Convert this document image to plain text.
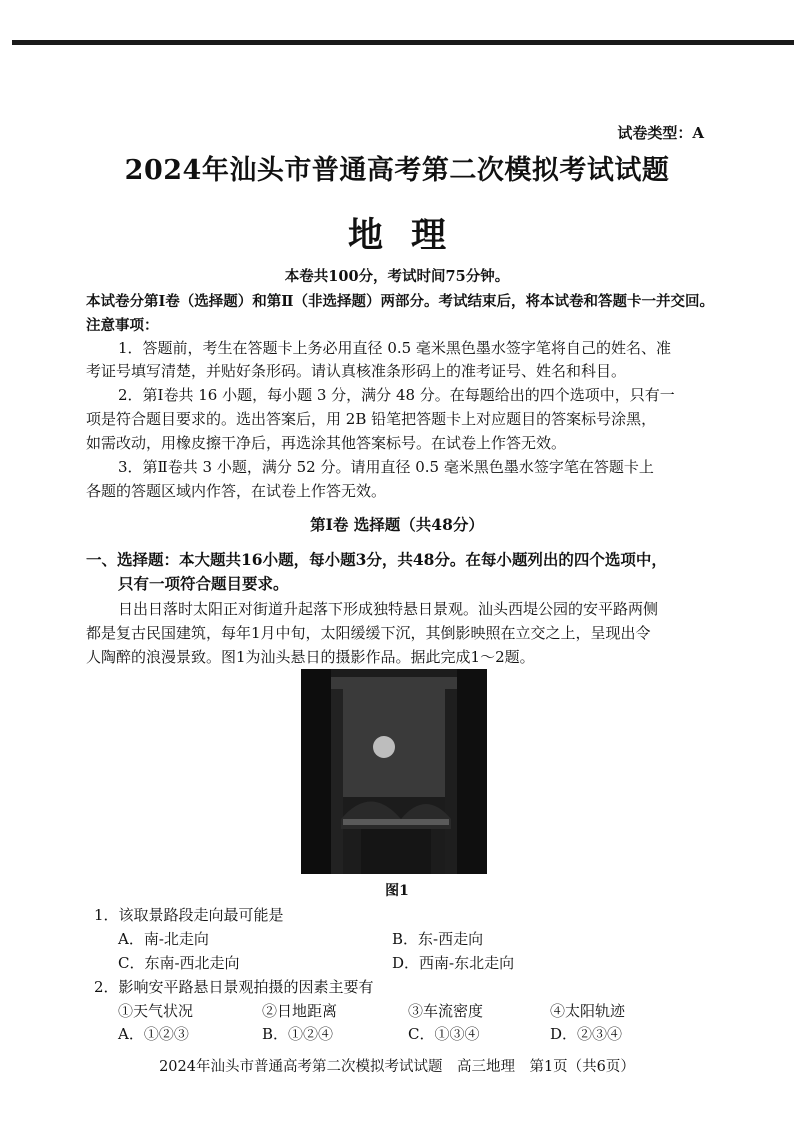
试卷类型：A
2024年汕头市普通高考第二次模拟考试试题
地理
本卷共100分，考试时间75分钟。
本试卷分第Ⅰ卷（选择题）和第Ⅱ（非选择题）两部分。考试结束后，将本试卷和答题卡一并交回。
注意事项：
1．答题前，考生在答题卡上务必用直径 0.5 毫米黑色墨水签字笔将自己的姓名、准
考证号填写清楚，并贴好条形码。请认真核准条形码上的准考证号、姓名和科目。
2．第Ⅰ卷共 16 小题，每小题 3 分，满分 48 分。在每题给出的四个选项中，只有一
项是符合题目要求的。选出答案后，用 2B 铅笔把答题卡上对应题目的答案标号涂黑，
如需改动，用橡皮擦干净后，再选涂其他答案标号。在试卷上作答无效。
3．第Ⅱ卷共 3 小题，满分 52 分。请用直径 0.5 毫米黑色墨水签字笔在答题卡上
各题的答题区域内作答，在试卷上作答无效。
第Ⅰ卷 选择题（共48分）
一、选择题：本大题共16小题，每小题3分，共48分。在每小题列出的四个选项中，
只有一项符合题目要求。
日出日落时太阳正对街道升起落下形成独特悬日景观。汕头西堤公园的安平路两侧
都是复古民国建筑，每年1月中旬，太阳缓缓下沉，其倒影映照在立交之上，呈现出令
人陶醉的浪漫景致。图1为汕头悬日的摄影作品。据此完成1～2题。
图1
1．该取景路段走向最可能是
A．南-北走向	B．东-西走向
C．东南-西北走向	D．西南-东北走向
2．影响安平路悬日景观拍摄的因素主要有
①天气状况	②日地距离	③车流密度	④太阳轨迹
A．①②③	B．①②④	C．①③④	D．②③④
2024年汕头市普通高考第二次模拟考试试题　高三地理　第1页（共6页）
